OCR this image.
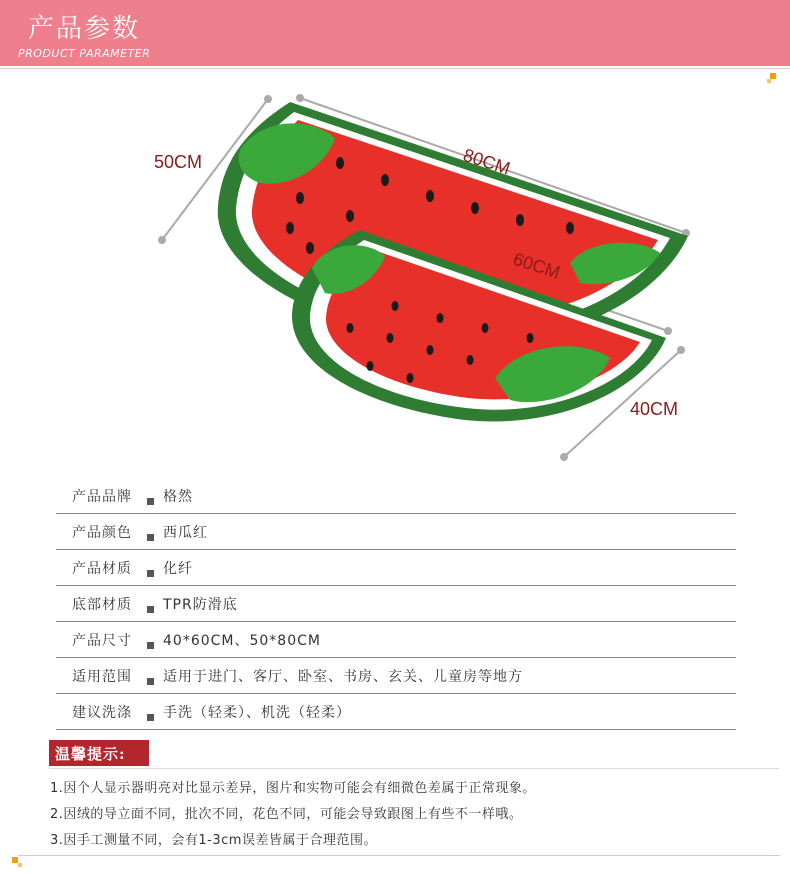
产品参数
PRODUCT PARAMETER
50CM	80CM
60CM
40CM
产品品牌 格然
产品颜色 西瓜红
产品材质 化纤
底部材质 TPR防滑底
产品尺寸 40*60CM、50*80CM
适用范围 适用于进门、客厅、卧室、书房、玄关、儿童房等地方
建议洗涤 手洗（轻柔）、机洗（轻柔）
温馨提示:
1.因个人显示器明亮对比显示差异，图片和实物可能会有细微色差属于正常现象。
2.因绒的导立面不同，批次不同，花色不同，可能会导致跟图上有些不一样哦。
3.因手工测量不同，会有1-3cm误差皆属于合理范围。
